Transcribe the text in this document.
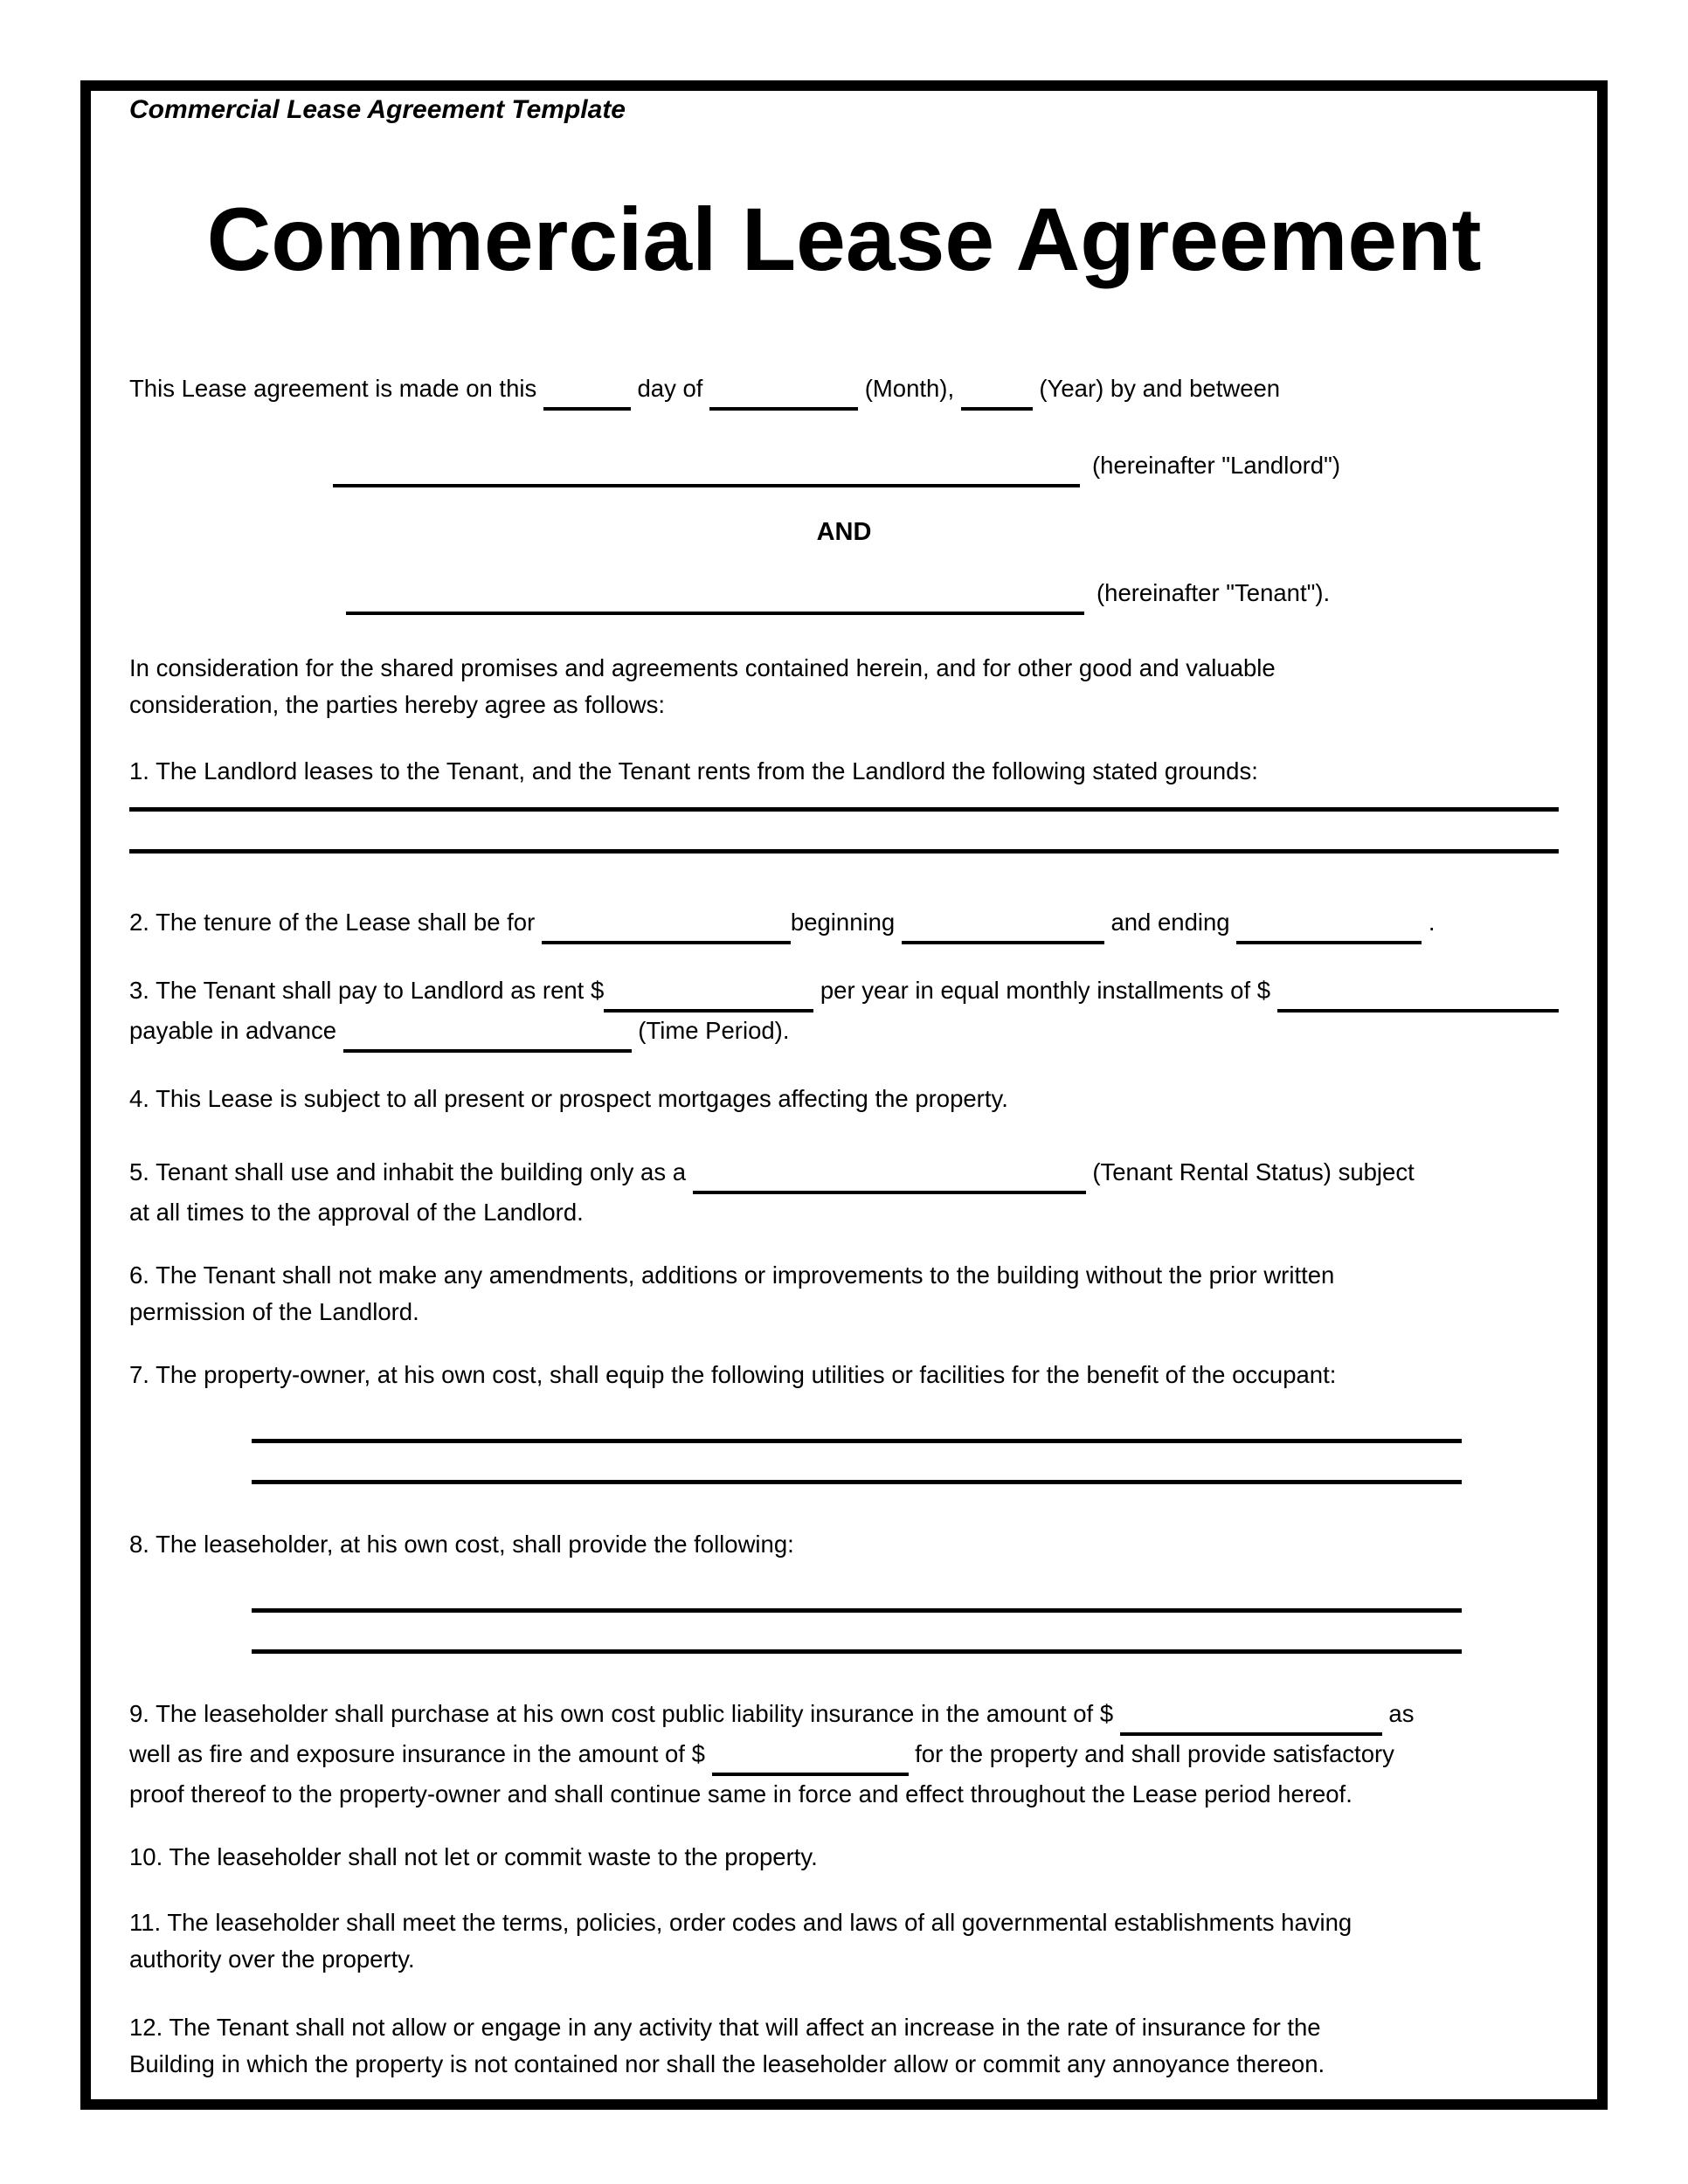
Commercial Lease Agreement Template
Commercial Lease Agreement
This Lease agreement is made on this	day of	(Month),	(Year) by and between
(hereinafter "Landlord")
AND
(hereinafter "Tenant").
In consideration for the shared promises and agreements contained herein, and for other good and valuable
consideration, the parties hereby agree as follows:
1. The Landlord leases to the Tenant, and the Tenant rents from the Landlord the following stated grounds:
2. The tenure of the Lease shall be for	beginning	and ending	.
3. The Tenant shall pay to Landlord as rent $
	per year in equal monthly installments of $

payable in advance	(Time Period).
4. This Lease is subject to all present or prospect mortgages affecting the property.
5. Tenant shall use and inhabit the building only as a	(Tenant Rental Status) subject
at all times to the approval of the Landlord.
6. The Tenant shall not make any amendments, additions or improvements to the building without the prior written
permission of the Landlord.
7. The property-owner, at his own cost, shall equip the following utilities or facilities for the benefit of the occupant:
8. The leaseholder, at his own cost, shall provide the following:
9. The leaseholder shall purchase at his own cost public liability insurance in the amount of $	as
well as fire and exposure insurance in the amount of $	for the property and shall provide satisfactory
proof thereof to the property-owner and shall continue same in force and effect throughout the Lease period hereof.
10. The leaseholder shall not let or commit waste to the property.
11. The leaseholder shall meet the terms, policies, order codes and laws of all governmental establishments having
authority over the property.
12. The Tenant shall not allow or engage in any activity that will affect an increase in the rate of insurance for the
Building in which the property is not contained nor shall the leaseholder allow or commit any annoyance thereon.
